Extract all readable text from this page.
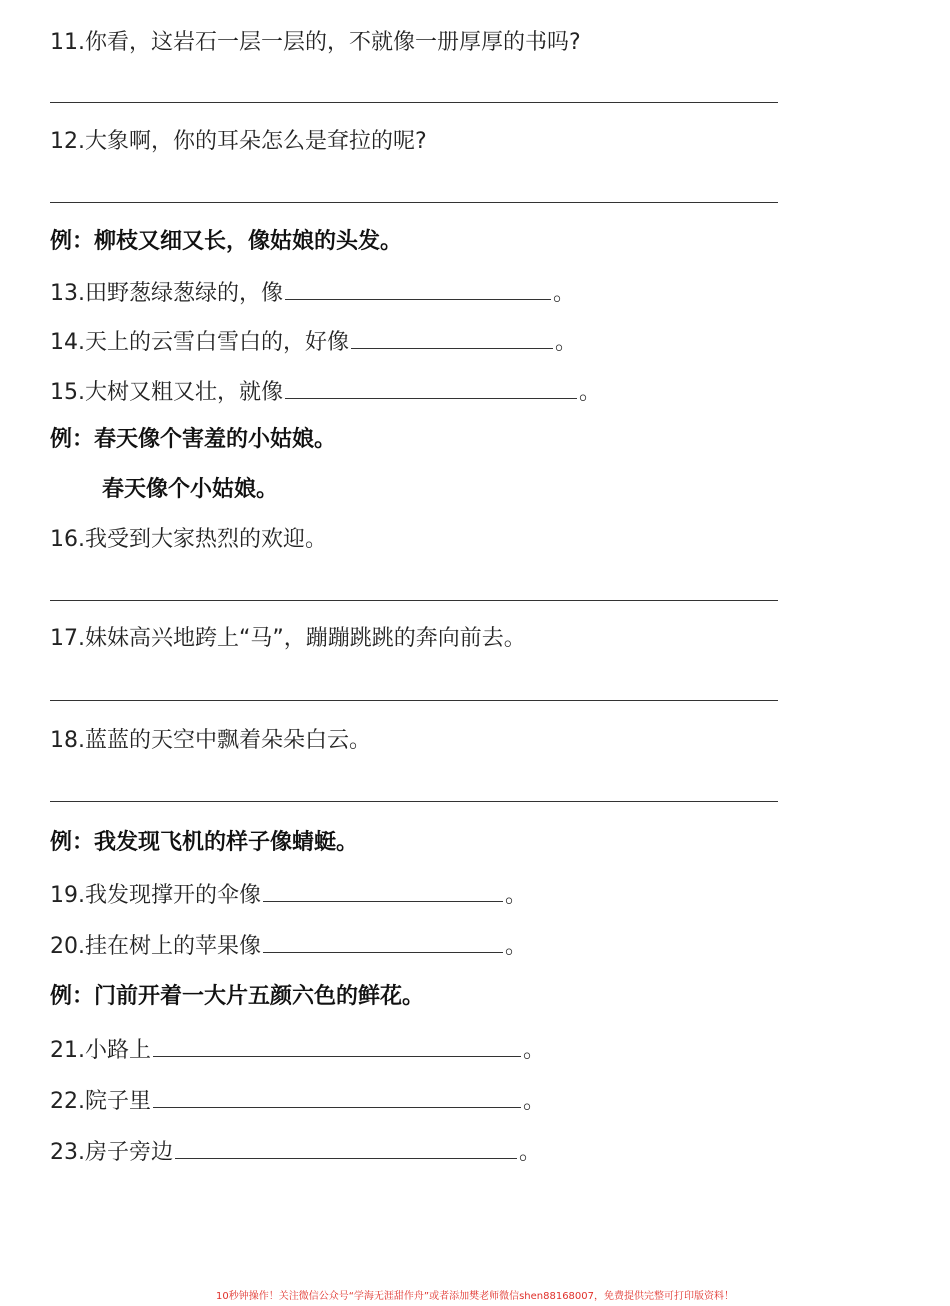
11.你看，这岩石一层一层的，不就像一册厚厚的书吗?
12.大象啊，你的耳朵怎么是耷拉的呢?
例：柳枝又细又长，像姑娘的头发。
13.田野葱绿葱绿的，像	。
14.天上的云雪白雪白的，好像	。
15.大树又粗又壮，就像	。
例：春天像个害羞的小姑娘。
春天像个小姑娘。
16.我受到大家热烈的欢迎。
17.妹妹高兴地跨上“马”，蹦蹦跳跳的奔向前去。
18.蓝蓝的天空中飘着朵朵白云。
例：我发现飞机的样子像蜻蜓。
19.我发现撑开的伞像	。
20.挂在树上的苹果像	。
例：门前开着一大片五颜六色的鲜花。
21.小路上	。
22.院子里	。
23.房子旁边	。
10秒钟操作！关注微信公众号“学海无涯甜作舟”或者添加樊老师微信shen88168007，免费提供完整可打印版资料！
